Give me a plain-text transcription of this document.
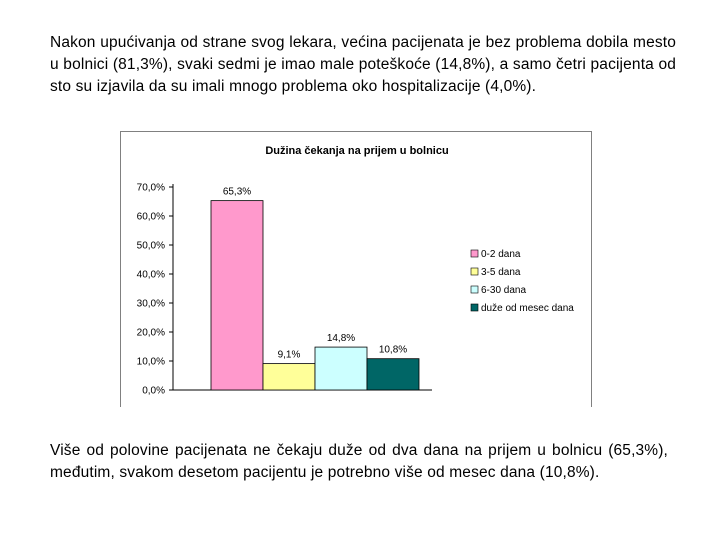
Nakon upućivanja od strane svog lekara, većina pacijenata je bez problema dobila mesto u bolnici (81,3%), svaki sedmi je imao male poteškoće (14,8%), a samo četri pacijenta od sto su izjavila da su imali mnogo problema oko hospitalizacije (4,0%).

Dužina čekanja na prijem u bolnicu
0,0%
10,0%
20,0%
30,0%
40,0%
50,0%
60,0%
70,0%	65,3%
9,1%
14,8%
10,8%
0-2 dana
3-5 dana
6-30 dana
duže od mesec dana

Više od polovine pacijenata ne čekaju duže od dva dana na prijem u bolnicu (65,3%), međutim, svakom desetom pacijentu je potrebno više od mesec dana (10,8%).
